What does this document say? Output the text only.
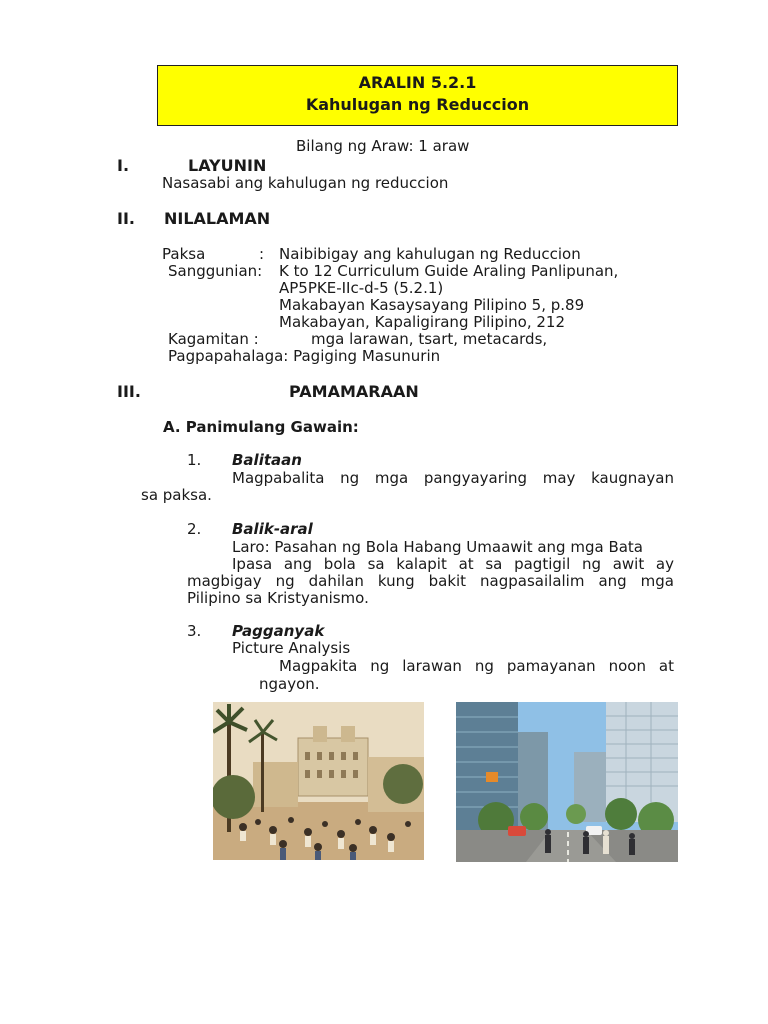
ARALIN 5.2.1
Kahulugan ng Reduccion
Bilang ng Araw: 1 araw
I.	LAYUNIN
Nasasabi ang kahulugan ng reduccion
II. NILALAMAN
Paksa	: Naibibigay ang kahulugan ng Reduccion
Sanggunian: K to 12 Curriculum Guide Araling Panlipunan,
AP5PKE-IIc-d-5 (5.2.1)
Makabayan Kasaysayang Pilipino 5, p.89
Makabayan, Kapaligirang Pilipino, 212
Kagamitan :	mga larawan, tsart, metacards,
Pagpapahalaga: Pagiging Masunurin
III.	PAMAMARAAN
A. Panimulang Gawain:
1. Balitaan
Magpabalita ng mga pangyayaring may kaugnayan
sa paksa.
2. Balik-aral
Laro: Pasahan ng Bola Habang Umaawit ang mga Bata
Ipasa ang bola sa kalapit at sa pagtigil ng awit ay
magbigay ng dahilan kung bakit nagpasailalim ang mga
Pilipino sa Kristyanismo.
3. Pagganyak
Picture Analysis
Magpakita ng larawan ng pamayanan noon at
ngayon.
